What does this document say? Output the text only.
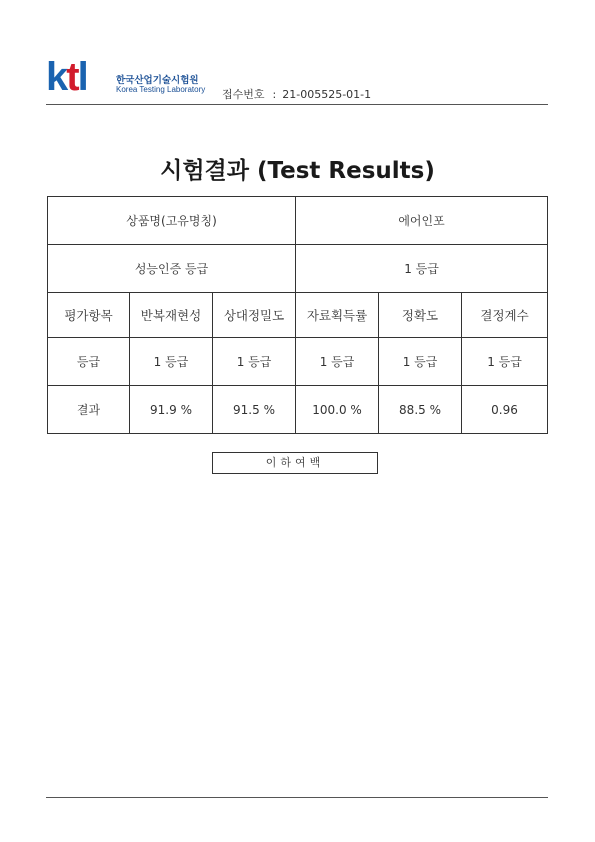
ktl	한국산업기술시험원
Korea Testing Laboratory 접수번호 : 21-005525-01-1
시험결과 (Test Results)
상품명(고유명칭)			에어인포		
성능인증 등급			1 등급		
평가항목	반복재현성	상대정밀도	자료획득률	정확도	결정계수
등급	1 등급	1 등급	1 등급	1 등급	1 등급
결과	91.9 %	91.5 %	100.0 %	88.5 %	0.96
이하여백
